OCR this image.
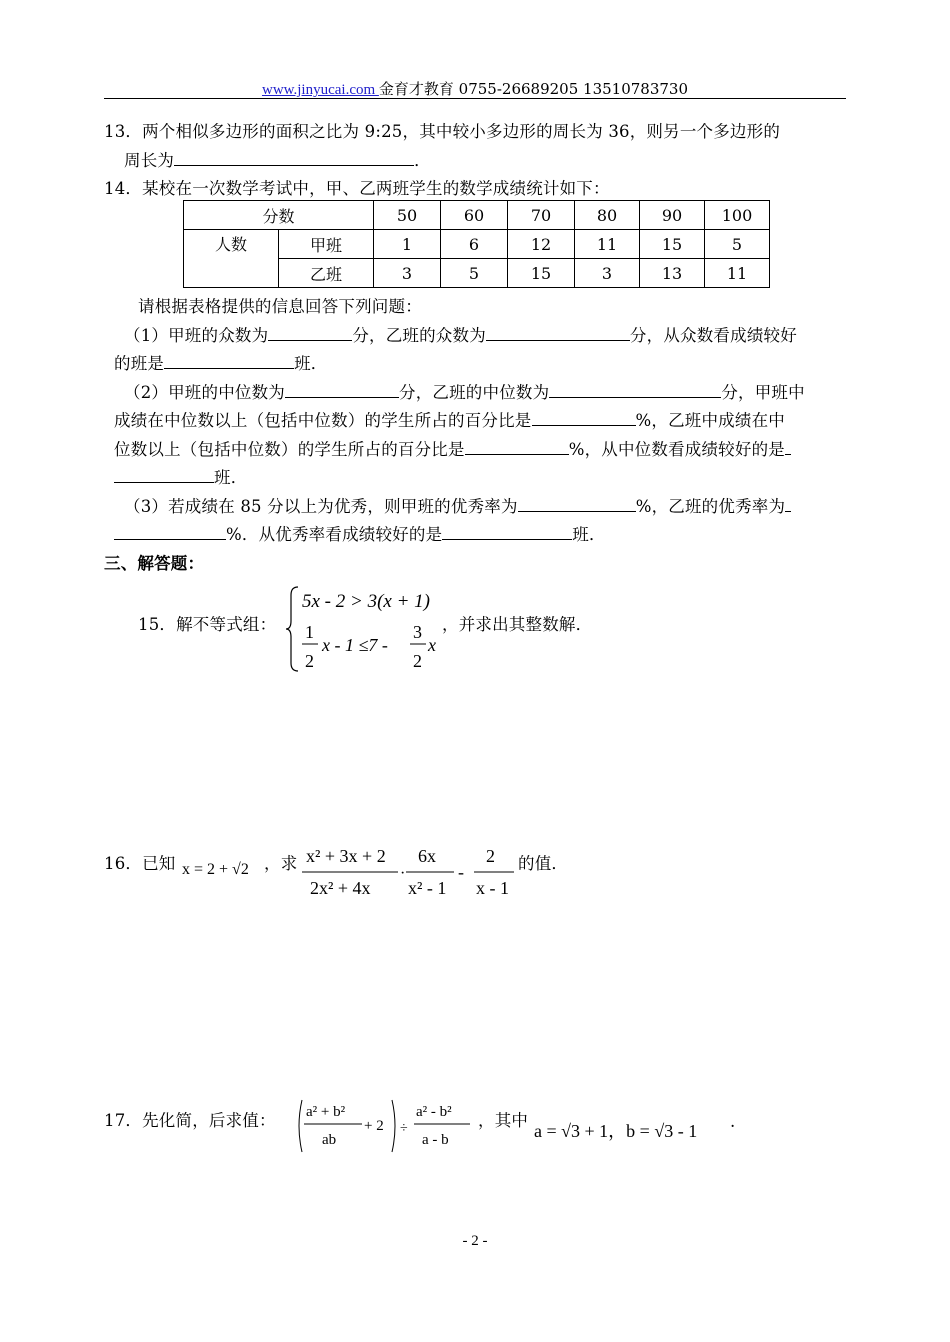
www.jinyucai.com 金育才教育 0755-26689205 13510783730
13．两个相似多边形的面积之比为 9:25，其中较小多边形的周长为 36，则另一个多边形的
周长为	．
14．某校在一次数学考试中，甲、乙两班学生的数学成绩统计如下：
分数		50	60	70	80	90	100
人数	甲班	1	6	12	11	15	5
	乙班	3	5	15	3	13	11
请根据表格提供的信息回答下列问题：
（1）甲班的众数为	分，乙班的众数为	分，从众数看成绩较好
的班是	班．
（2）甲班的中位数为	分，乙班的中位数为	分，甲班中
成绩在中位数以上（包括中位数）的学生所占的百分比是	%，乙班中成绩在中
位数以上（包括中位数）的学生所占的百分比是	%，从中位数看成绩较好的是
班．
（3）若成绩在 85 分以上为优秀，则甲班的优秀率为	%，乙班的优秀率为
%．从优秀率看成绩较好的是	班．
三、解答题：
15．解不等式组：
5x - 2 > 3(x + 1)
1
2
x - 1 ≤7 -
3
2
x
，并求出其整数解．
16．已知 x = 2 + √2 ，求 x² + 3x + 2
2x² + 4x
·
6x
x² - 1
-
2
x - 1
的值．
17．先化简，后求值： a² + b²
ab
+ 2 ÷
a² - b²
a - b
，其中
a = √3 + 1，b = √3 - 1 .
- 2 -
